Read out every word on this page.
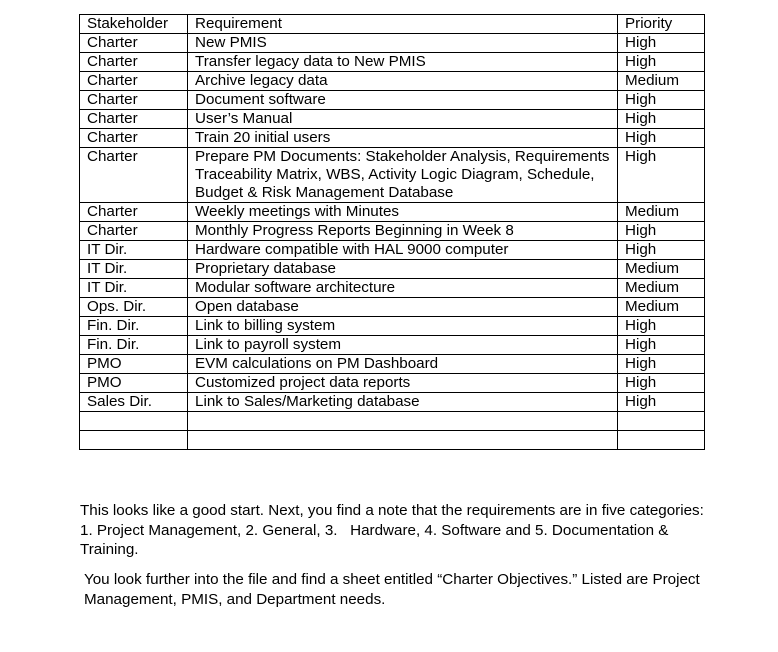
Stakeholder	Requirement	Priority
Charter	New PMIS	High
Charter	Transfer legacy data to New PMIS	High
Charter	Archive legacy data	Medium
Charter	Document software	High
Charter	User’s Manual	High
Charter	Train 20 initial users	High
Charter	Prepare PM Documents: Stakeholder Analysis, Requirements Traceability Matrix, WBS, Activity Logic Diagram, Schedule, Budget & Risk Management Database	High
Charter	Weekly meetings with Minutes	Medium
Charter	Monthly Progress Reports Beginning in Week 8	High
IT Dir.	Hardware compatible with HAL 9000 computer	High
IT Dir.	Proprietary database	Medium
IT Dir.	Modular software architecture	Medium
Ops. Dir.	Open database	Medium
Fin. Dir.	Link to billing system	High
Fin. Dir.	Link to payroll system	High
PMO	EVM calculations on PM Dashboard	High
PMO	Customized project data reports	High
Sales Dir.	Link to Sales/Marketing database	High

This looks like a good start. Next, you find a note that the requirements are in five categories: 1. Project Management, 2. General, 3.   Hardware, 4. Software and 5. Documentation & Training.

You look further into the file and find a sheet entitled “Charter Objectives.” Listed are Project Management, PMIS, and Department needs.
